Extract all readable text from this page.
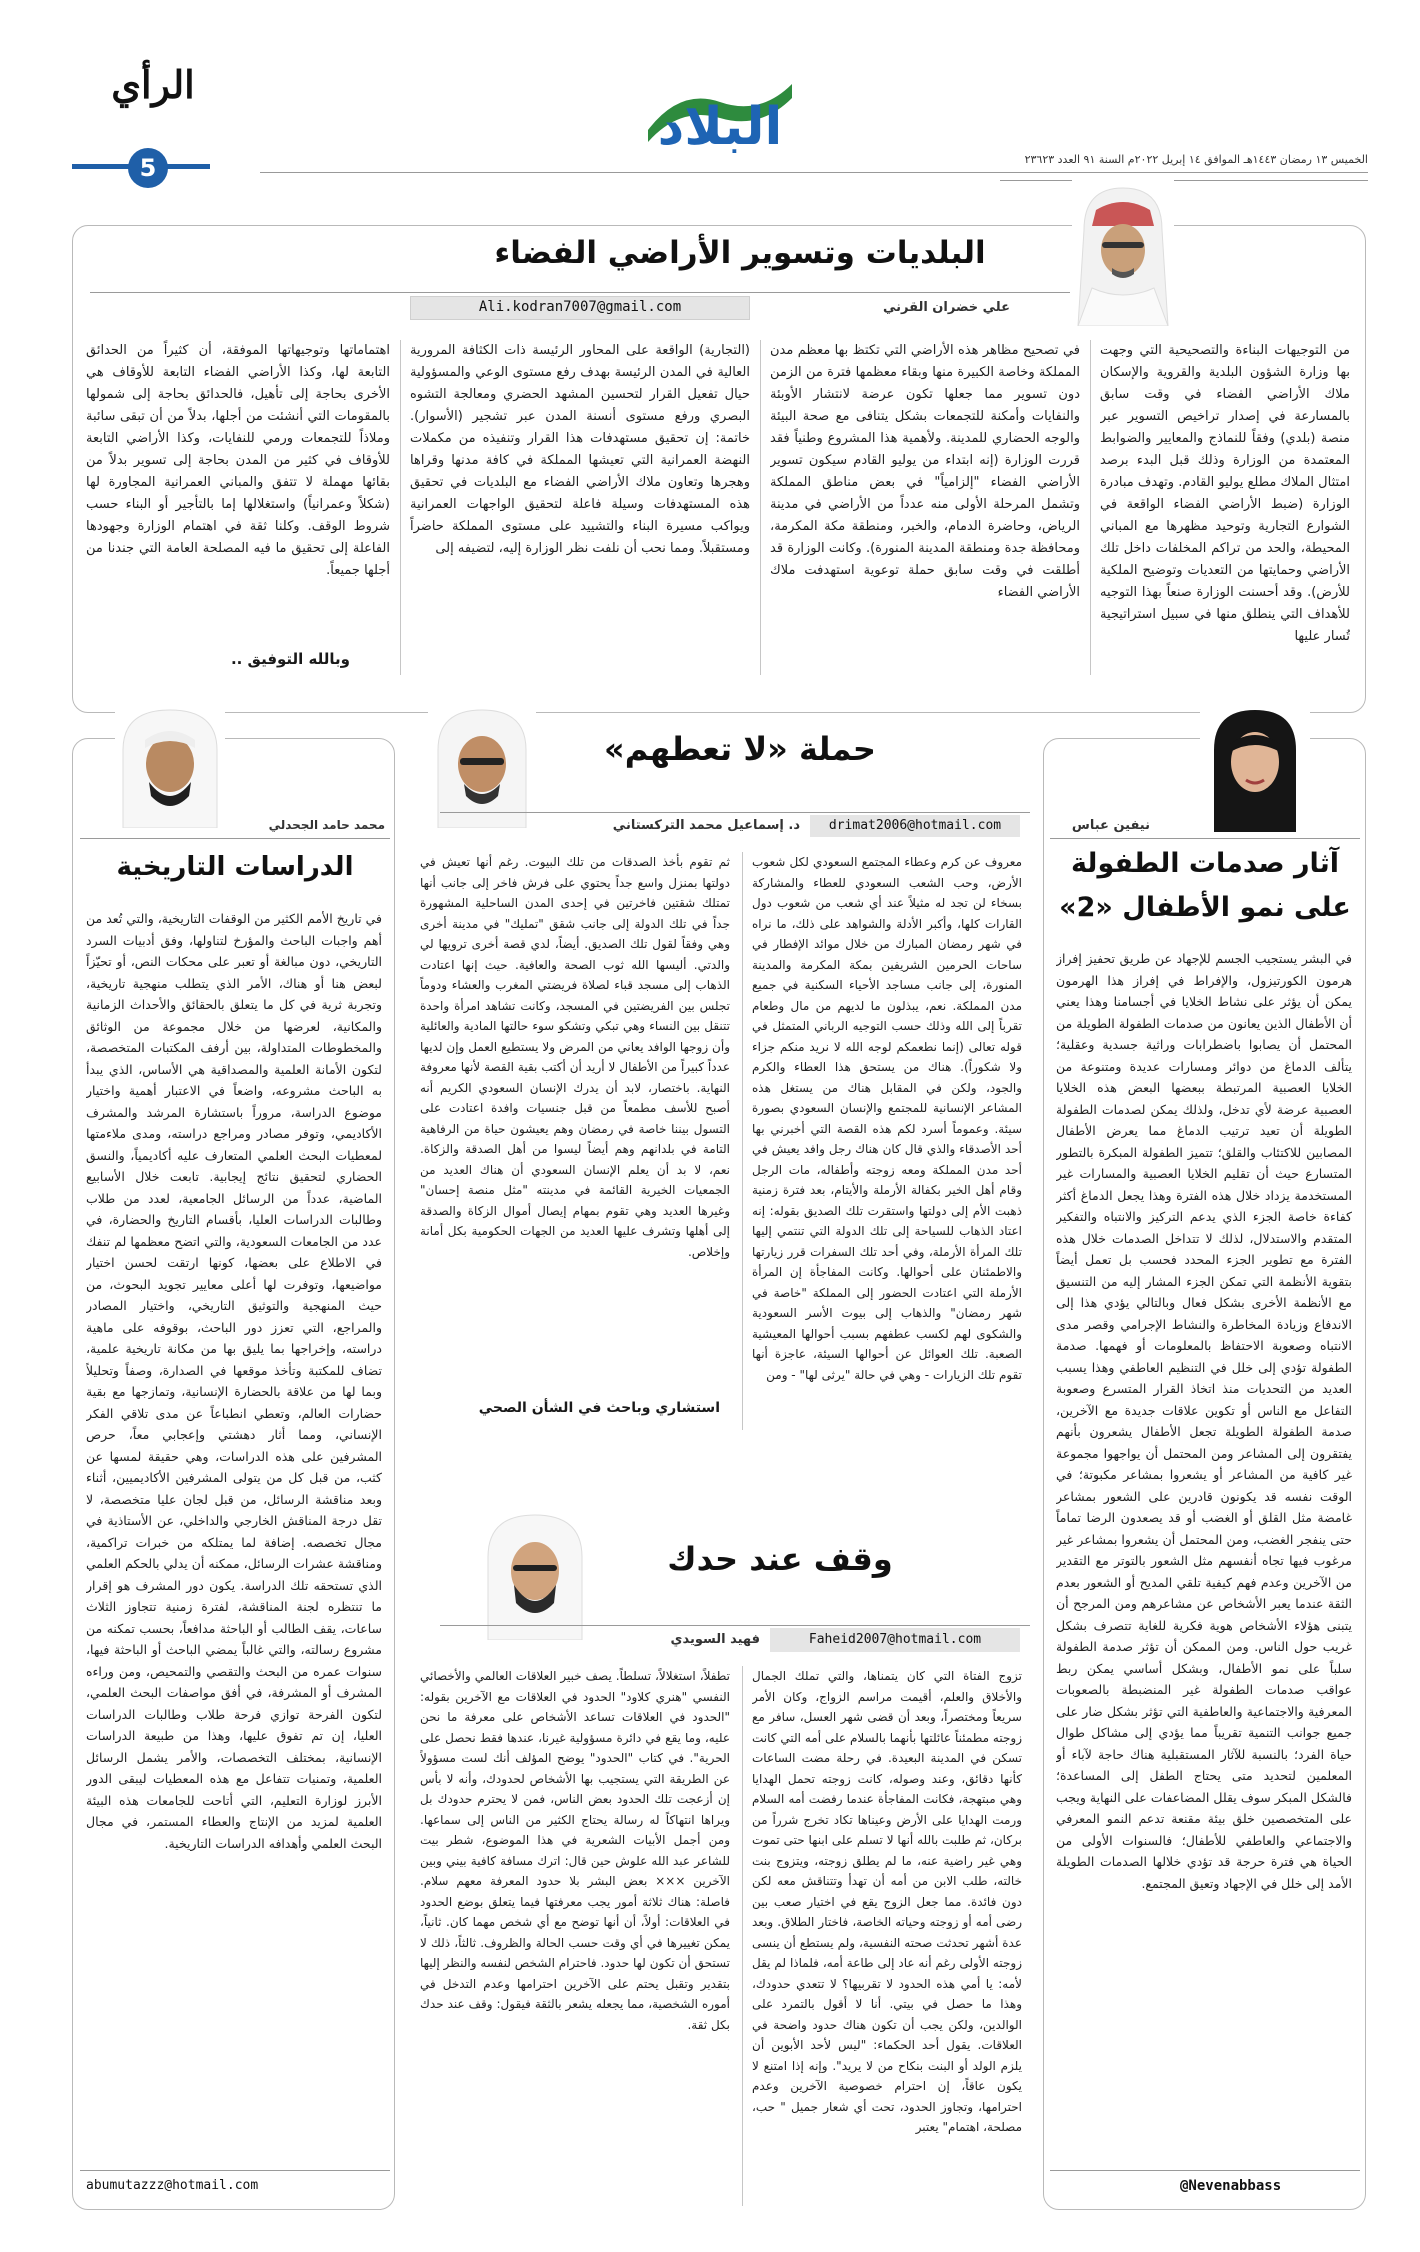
الرأي
5
البلاد
الخميس ١٣ رمضان ١٤٤٣هـ الموافق ١٤ إبريل ٢٠٢٢م السنة ٩١ العدد ٢٣٦٢٣
البلديات وتسوير الأراضي الفضاء
علي خضران القرني
Ali.kodran7007@gmail.com

من التوجيهات البناءة والتصحيحية التي وجهت بها وزارة الشؤون البلدية والقروية والإسكان ملاك الأراضي الفضاء في وقت سابق بالمسارعة في إصدار تراخيص التسوير عبر منصة (بلدي) وفقاً للنماذج والمعايير والضوابط المعتمدة من الوزارة وذلك قبل البدء برصد امتثال الملاك مطلع يوليو القادم. وتهدف مبادرة الوزارة (ضبط الأراضي الفضاء الواقعة في الشوارع التجارية وتوحيد مظهرها مع المباني المحيطة، والحد من تراكم المخلفات داخل تلك الأراضي وحمايتها من التعديات وتوضيح الملكية للأرض). وقد أحسنت الوزارة صنعاً بهذا التوجيه للأهداف التي ينطلق منها في سبيل استراتيجية تُسار عليها

في تصحيح مظاهر هذه الأراضي التي تكتظ بها معظم مدن المملكة وخاصة الكبيرة منها وبقاء معظمها فترة من الزمن دون تسوير مما جعلها تكون عرضة لانتشار الأوبئة والنفايات وأمكنة للتجمعات بشكل يتنافى مع صحة البيئة والوجه الحضاري للمدينة. ولأهمية هذا المشروع وطنياً فقد قررت الوزارة (إنه ابتداء من يوليو القادم سيكون تسوير الأراضي الفضاء "إلزامياً" في بعض مناطق المملكة وتشمل المرحلة الأولى منه عدداً من الأراضي في مدينة الرياض، وحاضرة الدمام، والخبر، ومنطقة مكة المكرمة، ومحافظة جدة ومنطقة المدينة المنورة). وكانت الوزارة قد أطلقت في وقت سابق حملة توعوية استهدفت ملاك الأراضي الفضاء

(التجارية) الواقعة على المحاور الرئيسة ذات الكثافة المرورية العالية في المدن الرئيسة بهدف رفع مستوى الوعي والمسؤولية حيال تفعيل القرار لتحسين المشهد الحضري ومعالجة التشوه البصري ورفع مستوى أنسنة المدن عبر تشجير (الأسوار). خاتمة: إن تحقيق مستهدفات هذا القرار وتنفيذه من مكملات النهضة العمرانية التي تعيشها المملكة في كافة مدنها وقراها وهجرها وتعاون ملاك الأراضي الفضاء مع البلديات في تحقيق هذه المستهدفات وسيلة فاعلة لتحقيق الواجهات العمرانية ويواكب مسيرة البناء والتشييد على مستوى المملكة حاضراً ومستقبلاً. ومما نحب أن نلفت نظر الوزارة إليه، لتضيفه إلى

اهتماماتها وتوجيهاتها الموفقة، أن كثيراً من الحدائق التابعة لها، وكذا الأراضي الفضاء التابعة للأوقاف هي الأخرى بحاجة إلى تأهيل، فالحدائق بحاجة إلى شمولها بالمقومات التي أنشئت من أجلها، بدلاً من أن تبقى سائبة وملاذاً للتجمعات ورمي للنفايات، وكذا الأراضي التابعة للأوقاف في كثير من المدن بحاجة إلى تسوير بدلاً من بقائها مهملة لا تتفق والمباني العمرانية المجاورة لها (شكلاً وعمرانياً) واستغلالها إما بالتأجير أو البناء حسب شروط الوقف. وكلنا ثقة في اهتمام الوزارة وجهودها الفاعلة إلى تحقيق ما فيه المصلحة العامة التي جندنا من أجلها جميعاً.

وبالله التوفيق ..
نيفين عباس
آثار صدمات الطفولة
على نمو الأطفال «2»

في البشر يستجيب الجسم للإجهاد عن طريق تحفيز إفراز هرمون الكورتيزول، والإفراط في إفراز هذا الهرمون يمكن أن يؤثر على نشاط الخلايا في أجسامنا وهذا يعني أن الأطفال الذين يعانون من صدمات الطفولة الطويلة من المحتمل أن يصابوا باضطرابات وراثية جسدية وعقلية؛ يتألف الدماغ من دوائر ومسارات عديدة ومتنوعة من الخلايا العصبية المرتبطة ببعضها البعض هذه الخلايا العصبية عرضة لأي تدخل، ولذلك يمكن لصدمات الطفولة الطويلة أن تعيد ترتيب الدماغ مما يعرض الأطفال المصابين للاكتئاب والقلق؛ تتميز الطفولة المبكرة بالتطور المتسارع حيث أن تقليم الخلايا العصبية والمسارات غير المستخدمة يزداد خلال هذه الفترة وهذا يجعل الدماغ أكثر كفاءة خاصة الجزء الذي يدعم التركيز والانتباه والتفكير المتقدم والاستدلال، لذلك لا تتداخل الصدمات خلال هذه الفترة مع تطوير الجزء المحدد فحسب بل تعمل أيضاً بتقوية الأنظمة التي تمكن الجزء المشار إليه من التنسيق مع الأنظمة الأخرى بشكل فعال وبالتالي يؤدي هذا إلى الاندفاع وزيادة المخاطرة والنشاط الإجرامي وقصر مدى الانتباه وصعوبة الاحتفاظ بالمعلومات أو فهمها. صدمة الطفولة تؤدي إلى خلل في التنظيم العاطفي وهذا يسبب العديد من التحديات منذ اتخاذ القرار المتسرع وصعوبة التفاعل مع الناس أو تكوين علاقات جديدة مع الآخرين، صدمة الطفولة الطويلة تجعل الأطفال يشعرون بأنهم يفتقرون إلى المشاعر ومن المحتمل أن يواجهوا مجموعة غير كافية من المشاعر أو يشعروا بمشاعر مكبوتة؛ في الوقت نفسه قد يكونون قادرين على الشعور بمشاعر غامضة مثل القلق أو الغضب أو قد يصعدون الرضا تماماً حتى ينفجر الغضب، ومن المحتمل أن يشعروا بمشاعر غير مرغوب فيها تجاه أنفسهم مثل الشعور بالتوتر مع التقدير من الآخرين وعدم فهم كيفية تلقي المديح أو الشعور بعدم الثقة عندما يعبر الأشخاص عن مشاعرهم ومن المرجح أن يتبنى هؤلاء الأشخاص هوية فكرية للغاية تتصرف بشكل غريب حول الناس. ومن الممكن أن تؤثر صدمة الطفولة سلباً على نمو الأطفال، وبشكل أساسي يمكن ربط عواقب صدمات الطفولة غير المنضبطة بالصعوبات المعرفية والاجتماعية والعاطفية التي تؤثر بشكل ضار على جميع جوانب التنمية تقريباً مما يؤدي إلى مشاكل طوال حياة الفرد؛ بالنسبة للآثار المستقبلية هناك حاجة لآباء أو المعلمين لتحديد متى يحتاج الطفل إلى المساعدة؛ فالشكل المبكر سوف يقلل المضاعفات على النهاية ويجب على المتخصصين خلق بيئة مقنعة تدعم النمو المعرفي والاجتماعي والعاطفي للأطفال؛ فالسنوات الأولى من الحياة هي فترة حرجة قد تؤدي خلالها الصدمات الطويلة الأمد إلى خلل في الإجهاد وتعيق المجتمع.

@Nevenabbass
حملة «لا تعطهم»
د. إسماعيل محمد التركستاني	drimat2006@hotmail.com

معروف عن كرم وعطاء المجتمع السعودي لكل شعوب الأرض، وحب الشعب السعودي للعطاء والمشاركة بسخاء لن تجد له مثيلاً عند أي شعب من شعوب دول القارات كلها، وأكبر الأدلة والشواهد على ذلك، ما نراه في شهر رمضان المبارك من خلال موائد الإفطار في ساحات الحرمين الشريفين بمكة المكرمة والمدينة المنورة، إلى جانب مساجد الأحياء السكنية في جميع مدن المملكة. نعم، يبذلون ما لديهم من مال وطعام تقرباً إلى الله وذلك حسب التوجيه الرباني المتمثل في قوله تعالى (إنما نطعمكم لوجه الله لا نريد منكم جزاء ولا شكوراً). هناك من يستحق هذا العطاء والكرم والجود، ولكن في المقابل هناك من يستغل هذه المشاعر الإنسانية للمجتمع والإنسان السعودي بصورة سيئة. وعموماً أسرد لكم هذه القصة التي أخبرني بها أحد الأصدقاء والذي قال كان هناك رجل وافد يعيش في أحد مدن المملكة ومعه زوجته وأطفاله، مات الرجل وقام أهل الخير بكفالة الأرملة والأيتام، بعد فترة زمنية ذهبت الأم إلى دولتها واستقرت تلك الصديق بقوله: إنه اعتاد الذهاب للسياحة إلى تلك الدولة التي تنتمي إليها تلك المرأة الأرملة، وفي أحد تلك السفرات قرر زيارتها والاطمئنان على أحوالها. وكانت المفاجأة إن المرأة الأرملة التي اعتادت الحضور إلى المملكة "خاصة في شهر رمضان" والذهاب إلى بيوت الأسر السعودية والشكوى لهم لكسب عطفهم بسبب أحوالها المعيشية الصعبة. تلك العوائل عن أحوالها السيئة، عاجزة أنها تقوم تلك الزيارات - وهي في حالة "يرثى لها" - ومن

ثم تقوم بأخذ الصدقات من تلك البيوت. رغم أنها تعيش في دولتها بمنزل واسع جداً يحتوي على فرش فاخر إلى جانب أنها تمتلك شقتين فاخرتين في إحدى المدن الساحلية المشهورة جداً في تلك الدولة إلى جانب شقق "تمليك" في مدينة أخرى وهي وفقاً لقول تلك الصديق. أيضاً، لدي قصة أخرى ترويها لي والدتي. أليسها الله ثوب الصحة والعافية. حيث إنها اعتادت الذهاب إلى مسجد قباء لصلاة فريضتي المغرب والعشاء ودوماً تجلس بين الفريضتين في المسجد، وكانت تشاهد امرأة واحدة تتنقل بين النساء وهي تبكي وتشكو سوء حالتها المادية والعائلية وأن زوجها الوافد يعاني من المرض ولا يستطيع العمل وإن لديها عدداً كبيراً من الأطفال لا أريد أن أكتب بقية القصة لأنها معروفة النهاية. باختصار، لابد أن يدرك الإنسان السعودي الكريم أنه أصبح للأسف مطمعاً من قبل جنسيات وافدة اعتادت على التسول بيننا خاصة في رمضان وهم يعيشون حياة من الرفاهية التامة في بلدانهم وهم أيضاً ليسوا من أهل الصدقة والزكاة. نعم، لا بد أن يعلم الإنسان السعودي أن هناك العديد من الجمعيات الخيرية القائمة في مدينته "مثل منصة إحسان" وغيرها العديد وهي تقوم بمهام إيصال أموال الزكاة والصدقة إلى أهلها وتشرف عليها العديد من الجهات الحكومية بكل أمانة وإخلاص.

استشاري وباحث في الشأن الصحي
وقف عند حدك
فهيد السويدي	Faheid2007@hotmail.com

تزوج الفتاة التي كان يتمناها، والتي تملك الجمال والأخلاق والعلم، أقيمت مراسم الزواج، وكان الأمر سريعاً ومختصراً، وبعد أن قضى شهر العسل، سافر مع زوجته مطمئناً عائلتها بأنهما بالسلام على أمه التي كانت تسكن في المدينة البعيدة. في رحلة مضت الساعات كأنها دقائق، وعند وصوله، كانت زوجته تحمل الهدايا وهي مبتهجة، فكانت المفاجأة عندما رفضت أمه السلام ورمت الهدايا على الأرض وعيناها تكاد تخرج شرراً من بركان، ثم طلبت بالله أنها لا تسلم على ابنها حتى تموت وهي غير راضية عنه، ما لم يطلق زوجته، ويتزوج بنت خالته، طلب الابن من أمه أن تهدأ وتتناقش معه لكن دون فائدة. مما جعل الزوج يقع في اختيار صعب بين رضى أمه أو زوجته وحياته الخاصة، فاختار الطلاق. وبعد عدة أشهر تحدثت صحته النفسية، ولم يستطع أن ينسى زوجته الأولى رغم أنه عاد إلى طاعة أمه، فلماذا لم يقل لأمه: يا أمي هذه الحدود لا تقربيها؟ لا تتعدي حدودك، وهذا ما حصل في بيتي. أنا لا أقول بالتمرد على الوالدين، ولكن يجب أن تكون هناك حدود واضحة في العلاقات. يقول أحد الحكماء: "ليس لأحد الأبوين أن يلزم الولد أو البنت بنكاح من لا يريد". وإنه إذا امتنع لا يكون عاقاً، إن احترام خصوصية الآخرين وعدم احترامها، وتجاوز الحدود، تحت أي شعار جميل " حب، مصلحة، اهتمام" يعتبر

تطفلاً، استغلالاً، تسلطاً. يصف خبير العلاقات العالمي والأخصائي النفسي "هنري كلاود" الحدود في العلاقات مع الآخرين بقوله: "الحدود في العلاقات تساعد الأشخاص على معرفة ما نحن عليه، وما يقع في دائرة مسؤولية غيرنا، عندها فقط نحصل على الحرية". في كتاب "الحدود" يوضح المؤلف أنك لست مسؤولاً عن الطريقة التي يستجيب بها الأشخاص لحدودك، وأنه لا بأس إن أزعجت تلك الحدود بعض الناس، فمن لا يحترم حدودك بل ويراها انتهاكاً له رسالة يحتاج الكثير من الناس إلى سماعها. ومن أجمل الأبيات الشعرية في هذا الموضوع، شطر بيت للشاعر عبد الله علوش حين قال: اترك مسافة كافية بيني وبين الآخرين ××× بعض البشر بلا حدود المعرفة معهم سلام. فاصلة: هناك ثلاثة أمور يجب معرفتها فيما يتعلق بوضع الحدود في العلاقات: أولاً، أن أنها توضح مع أي شخص مهما كان. ثانياً، يمكن تغييرها في أي وقت حسب الحالة والظروف. ثالثاً، ذلك لا تستحق أن تكون لها حدود. فاحترام الشخص لنفسه والنظر إليها بتقدير وتقبل يحتم على الآخرين احترامها وعدم التدخل في أموره الشخصية، مما يجعله يشعر بالثقة فيقول: وقف عند حدك بكل ثقة.

محمد حامد الجحدلي
الدراسات التاريخية

في تاريخ الأمم الكثير من الوقفات التاريخية، والتي تُعد من أهم واجبات الباحث والمؤرخ لتناولها، وفق أدبيات السرد التاريخي، دون مبالغة أو تعبر على محكات النص، أو تحيّزاً لبعض هنا أو هناك، الأمر الذي يتطلب منهجية تاريخية، وتجربة ثرية في كل ما يتعلق بالحقائق والأحداث الزمانية والمكانية، لعرضها من خلال مجموعة من الوثائق والمخطوطات المتداولة، بين أرفف المكتبات المتخصصة، لتكون الأمانة العلمية والمصداقية هي الأساس، الذي يبدأ به الباحث مشروعه، واضعاً في الاعتبار أهمية واختيار موضوع الدراسة، مروراً باستشارة المرشد والمشرف الأكاديمي، وتوفر مصادر ومراجع دراسته، ومدى ملاءمتها لمعطيات البحث العلمي المتعارف عليه أكاديمياً، والنسق الحضاري لتحقيق نتائج إيجابية. تابعت خلال الأسابيع الماضية، عدداً من الرسائل الجامعية، لعدد من طلاب وطالبات الدراسات العليا، بأقسام التاريخ والحضارة، في عدد من الجامعات السعودية، والتي اتضح معظمها لم تنفك في الاطلاع على بعضها، كونها ارتقت لحسن اختيار مواضيعها، وتوفرت لها أعلى معايير تجويد البحوث، من حيث المنهجية والتوثيق التاريخي، واختيار المصادر والمراجع، التي تعزز دور الباحث، بوقوفه على ماهية دراسته، وإخراجها بما يليق بها من مكانة تاريخية علمية، تضاف للمكتبة وتأخذ موقعها في الصدارة، وصفاً وتحليلاً وبما لها من علاقة بالحضارة الإنسانية، وتمازجها مع بقية حضارات العالم، وتعطي انطباعاً عن مدى تلاقي الفكر الإنساني، ومما أثار دهشتي وإعجابي معاً، حرص المشرفين على هذه الدراسات، وهي حقيقة لمسها عن كثب، من قبل كل من يتولى المشرفين الأكاديميين، أثناء وبعد مناقشة الرسائل، من قبل لجان عليا متخصصة، لا تقل درجة المناقش الخارجي والداخلي، عن الأستاذية في مجال تخصصه. إضافة لما يمتلكه من خبرات تراكمية، ومناقشة عشرات الرسائل، ممكنه أن يدلي بالحكم العلمي الذي تستحقه تلك الدراسة. يكون دور المشرف هو إقرار ما تنتظره لجنة المناقشة، لفترة زمنية تتجاوز الثلاث ساعات، يقف الطالب أو الباحثة مدافعاً، بحسب تمكنه من مشروع رسالته، والتي غالباً يمضي الباحث أو الباحثة فيها، سنوات عمره من البحث والتقصي والتمحيص، ومن وراءه المشرف أو المشرفة، في أفق مواصفات البحث العلمي، لتكون الفرحة توازي فرحة طلاب وطالبات الدراسات العليا، إن تم تفوق عليها، وهذا من طبيعة الدراسات الإنسانية، بمختلف التخصصات، والأمر يشمل الرسائل العلمية، وتمنيات تتفاعل مع هذه المعطيات ليبقى الدور الأبرز لوزارة التعليم، التي أتاحت للجامعات هذه البيئة العلمية لمزيد من الإنتاج والعطاء المستمر، في مجال البحث العلمي وأهدافه الدراسات التاريخية.

abumutazzz@hotmail.com
